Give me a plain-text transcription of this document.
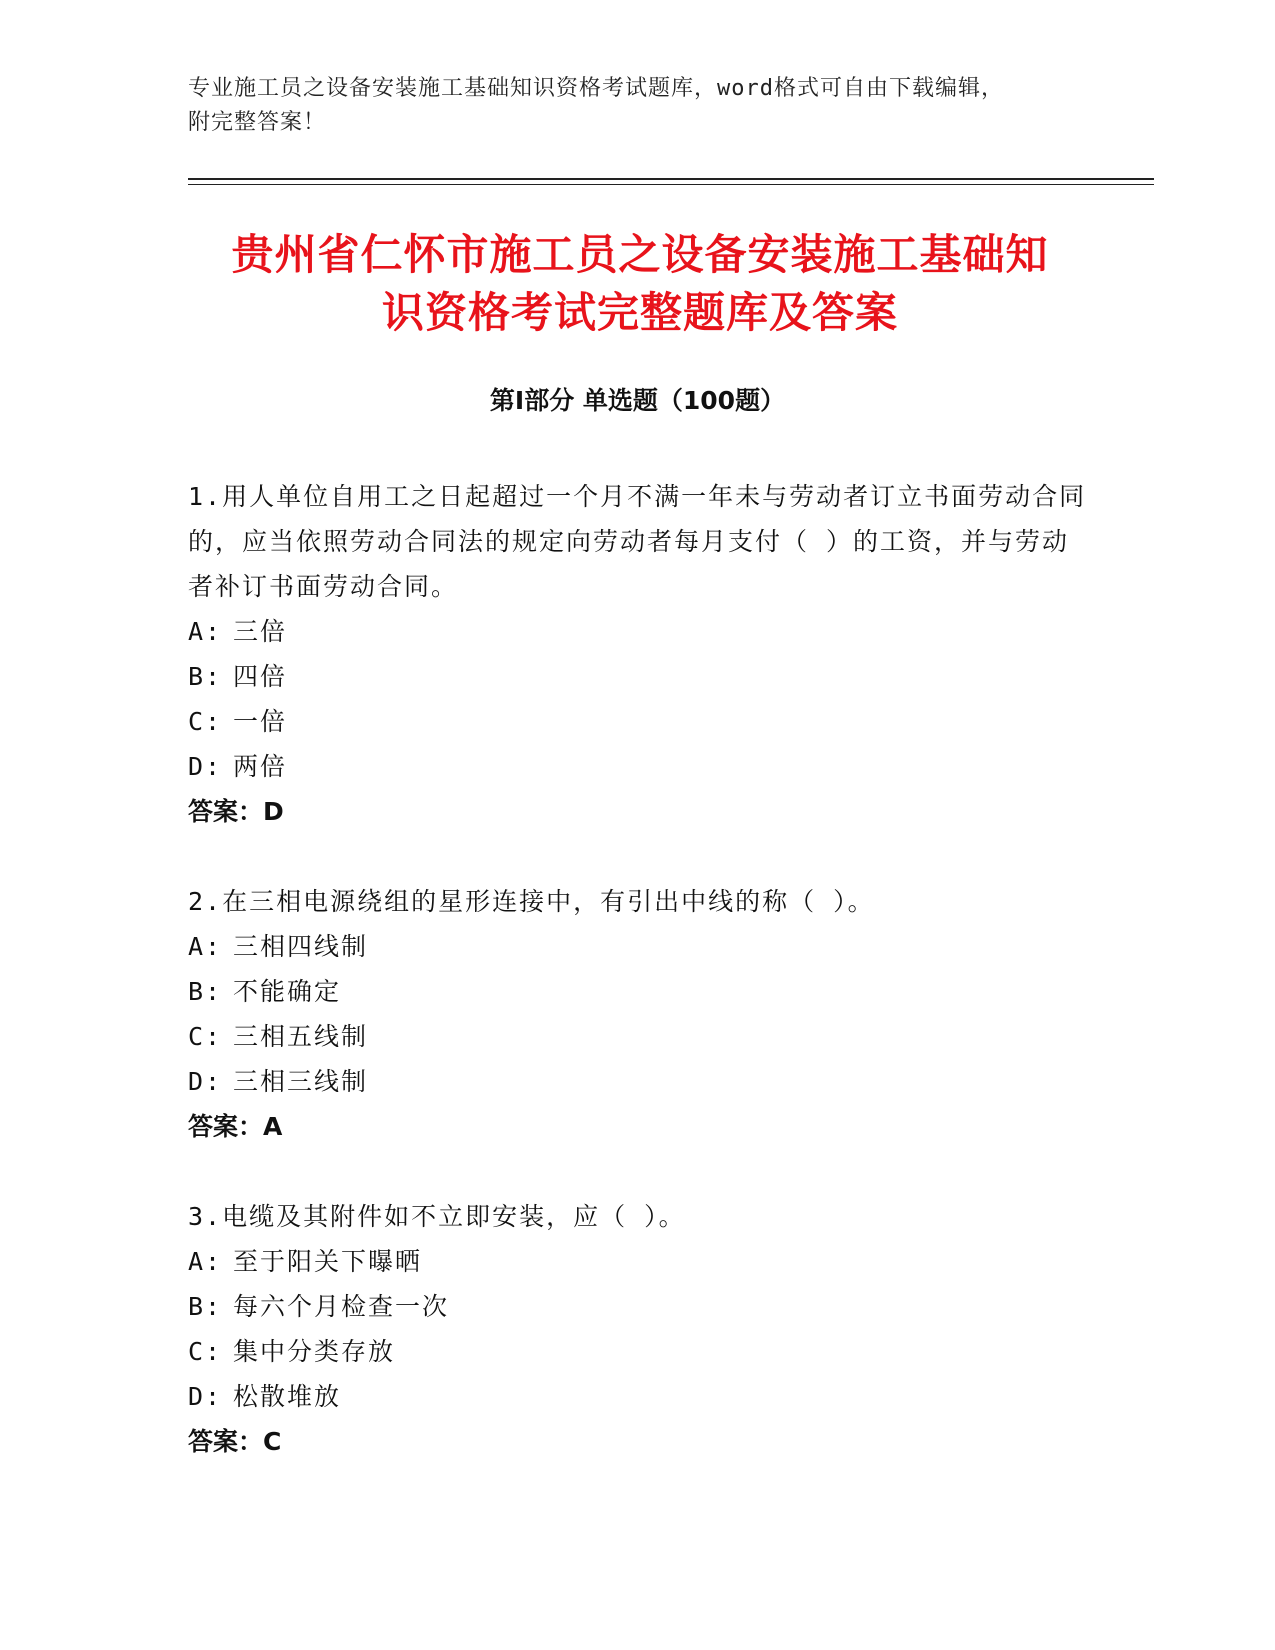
专业施工员之设备安装施工基础知识资格考试题库，word格式可自由下载编辑，
附完整答案！
贵州省仁怀市施工员之设备安装施工基础知
识资格考试完整题库及答案
第Ⅰ部分 单选题（100题）

1.用人单位自用工之日起超过一个月不满一年未与劳动者订立书面劳动合同的，应当依照劳动合同法的规定向劳动者每月支付（ ）的工资，并与劳动者补订书面劳动合同。

A: 三倍

B: 四倍

C: 一倍

D: 两倍

答案：D

2.在三相电源绕组的星形连接中，有引出中线的称（ ）。

A: 三相四线制

B: 不能确定

C: 三相五线制

D: 三相三线制

答案：A

3.电缆及其附件如不立即安装，应（ ）。

A: 至于阳关下曝晒

B: 每六个月检查一次

C: 集中分类存放

D: 松散堆放

答案：C
